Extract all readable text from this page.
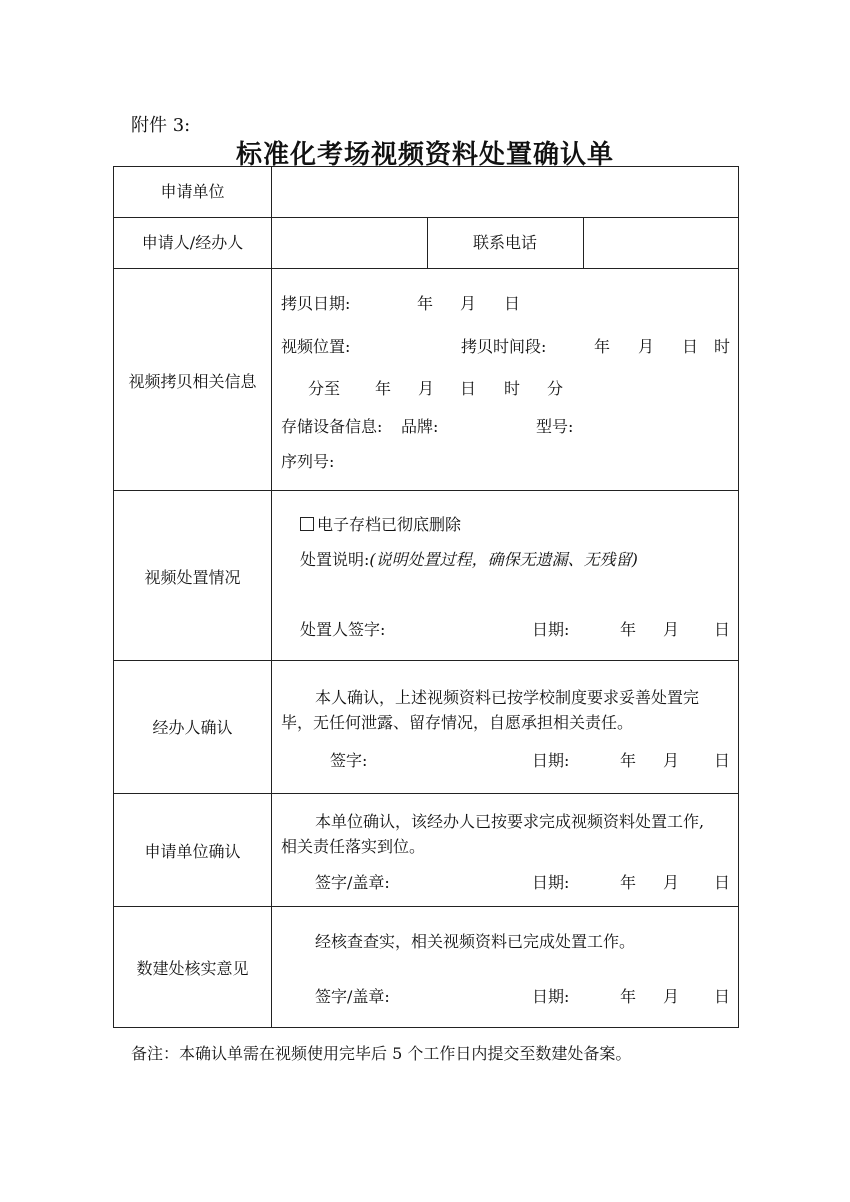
附件 3:
标准化考场视频资料处置确认单
申请单位
申请人/经办人	联系电话
视频拷贝相关信息
拷贝日期:	年 月 日
视频位置:	拷贝时间段:	年 月 日 时
分至 年 月 日 时 分
存储设备信息: 品牌:	型号:
序列号:
视频处置情况
电子存档已彻底删除
处置说明:(说明处置过程，确保无遗漏、无残留)
处置人签字:	日期:	年 月 日
经办人确认
本人确认，上述视频资料已按学校制度要求妥善处置完
毕，无任何泄露、留存情况，自愿承担相关责任。
签字:	日期:	年 月 日
申请单位确认
本单位确认，该经办人已按要求完成视频资料处置工作,
相关责任落实到位。
签字/盖章:	日期:	年 月 日
数建处核实意见
经核查查实，相关视频资料已完成处置工作。
签字/盖章:	日期:	年 月 日
备注：本确认单需在视频使用完毕后 5 个工作日内提交至数建处备案。
